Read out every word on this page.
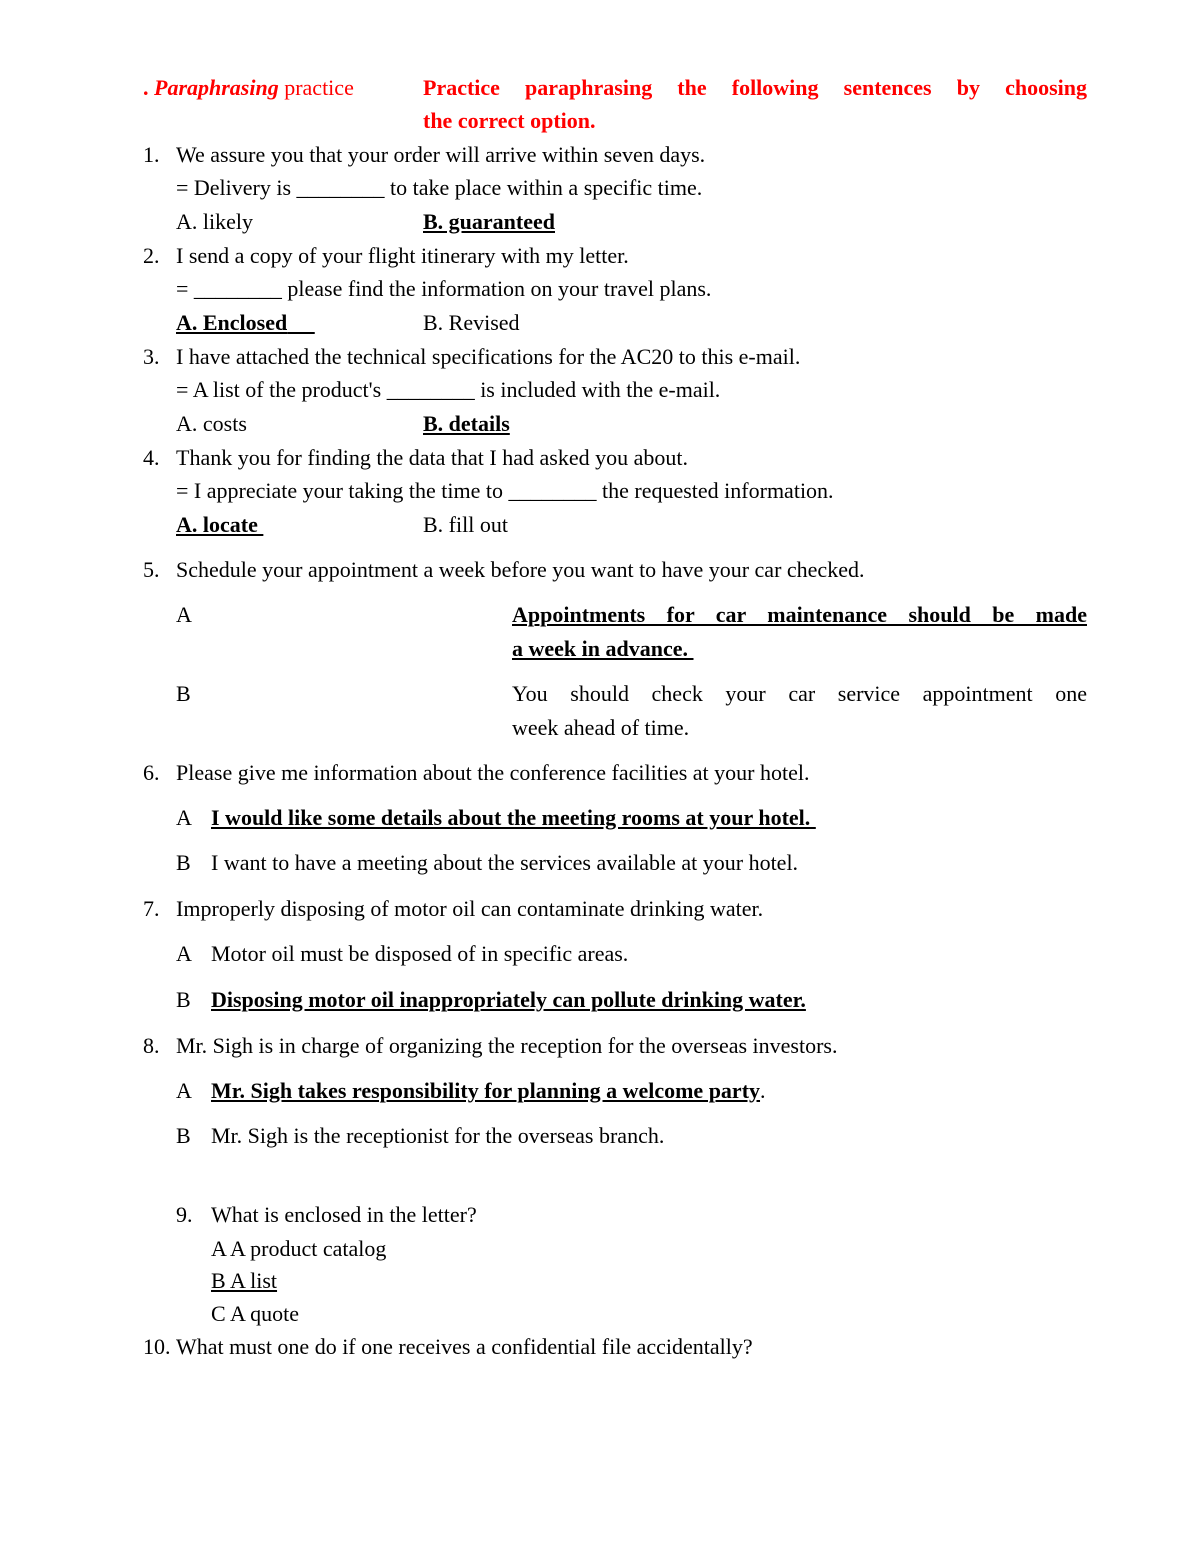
. Paraphrasing practice	Practice paraphrasing the following sentences by choosing
the correct option.
1. We assure you that your order will arrive within seven days.
= Delivery is ________ to take place within a specific time.
A. likely	B. guaranteed
2. I send a copy of your flight itinerary with my letter.
= ________ please find the information on your travel plans.
A. Enclosed	B. Revised
3. I have attached the technical specifications for the AC20 to this e-mail.
= A list of the product's ________ is included with the e-mail.
A. costs	B. details
4. Thank you for finding the data that I had asked you about.
= I appreciate your taking the time to ________ the requested information.
A. locate	B. fill out
5. Schedule your appointment a week before you want to have your car checked.
A	Appointments for car maintenance should be made
a week in advance.
B	You should check your car service appointment one
week ahead of time.
6. Please give me information about the conference facilities at your hotel.
A I would like some details about the meeting rooms at your hotel.
B I want to have a meeting about the services available at your hotel.
7. Improperly disposing of motor oil can contaminate drinking water.
A Motor oil must be disposed of in specific areas.
B Disposing motor oil inappropriately can pollute drinking water.
8. Mr. Sigh is in charge of organizing the reception for the overseas investors.
A Mr. Sigh takes responsibility for planning a welcome party.
B Mr. Sigh is the receptionist for the overseas branch.
9. What is enclosed in the letter?
A A product catalog
B A list
C A quote
10. What must one do if one receives a confidential file accidentally?
